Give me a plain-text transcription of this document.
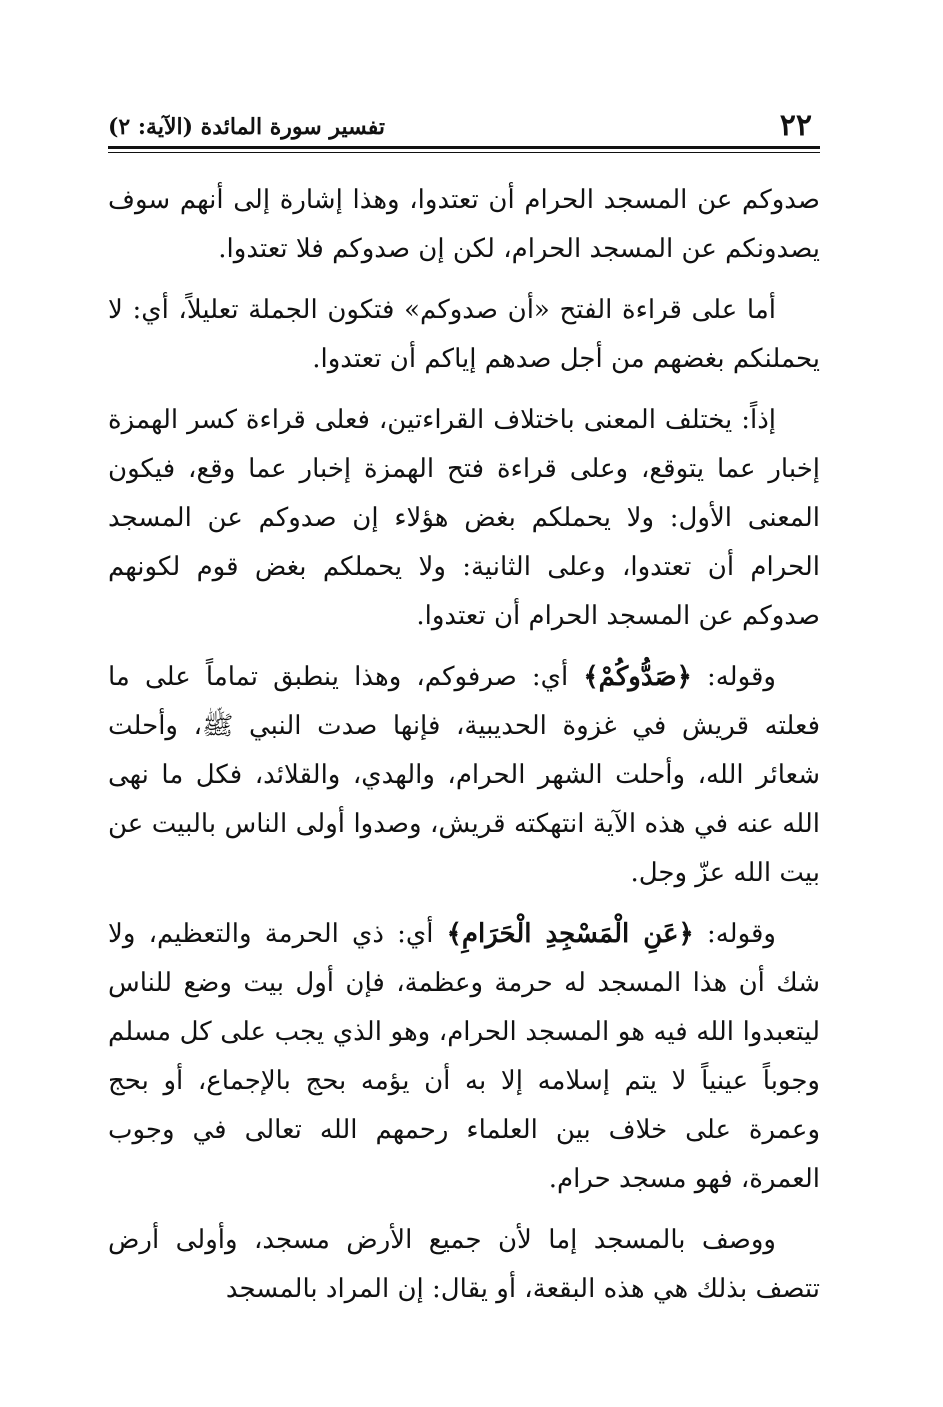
٢٢
تفسير سورة المائدة (الآية: ٢)

صدوكم عن المسجد الحرام أن تعتدوا، وهذا إشارة إلى أنهم سوف يصدونكم عن المسجد الحرام، لكن إن صدوكم فلا تعتدوا.

أما على قراءة الفتح «أن صدوكم» فتكون الجملة تعليلاً، أي: لا يحملنكم بغضهم من أجل صدهم إياكم أن تعتدوا.

إذاً: يختلف المعنى باختلاف القراءتين، فعلى قراءة كسر الهمزة إخبار عما يتوقع، وعلى قراءة فتح الهمزة إخبار عما وقع، فيكون المعنى الأول: ولا يحملكم بغض هؤلاء إن صدوكم عن المسجد الحرام أن تعتدوا، وعلى الثانية: ولا يحملكم بغض قوم لكونهم صدوكم عن المسجد الحرام أن تعتدوا.

وقوله: ﴿صَدُّوكُمْ﴾ أي: صرفوكم، وهذا ينطبق تماماً على ما فعلته قريش في غزوة الحديبية، فإنها صدت النبي ﷺ، وأحلت شعائر الله، وأحلت الشهر الحرام، والهدي، والقلائد، فكل ما نهى الله عنه في هذه الآية انتهكته قريش، وصدوا أولى الناس بالبيت عن بيت الله عزّ وجل.

وقوله: ﴿عَنِ الْمَسْجِدِ الْحَرَامِ﴾ أي: ذي الحرمة والتعظيم، ولا شك أن هذا المسجد له حرمة وعظمة، فإن أول بيت وضع للناس ليتعبدوا الله فيه هو المسجد الحرام، وهو الذي يجب على كل مسلم وجوباً عينياً لا يتم إسلامه إلا به أن يؤمه بحج بالإجماع، أو بحج وعمرة على خلاف بين العلماء رحمهم الله تعالى في وجوب العمرة، فهو مسجد حرام.

ووصف بالمسجد إما لأن جميع الأرض مسجد، وأولى أرض تتصف بذلك هي هذه البقعة، أو يقال: إن المراد بالمسجد
